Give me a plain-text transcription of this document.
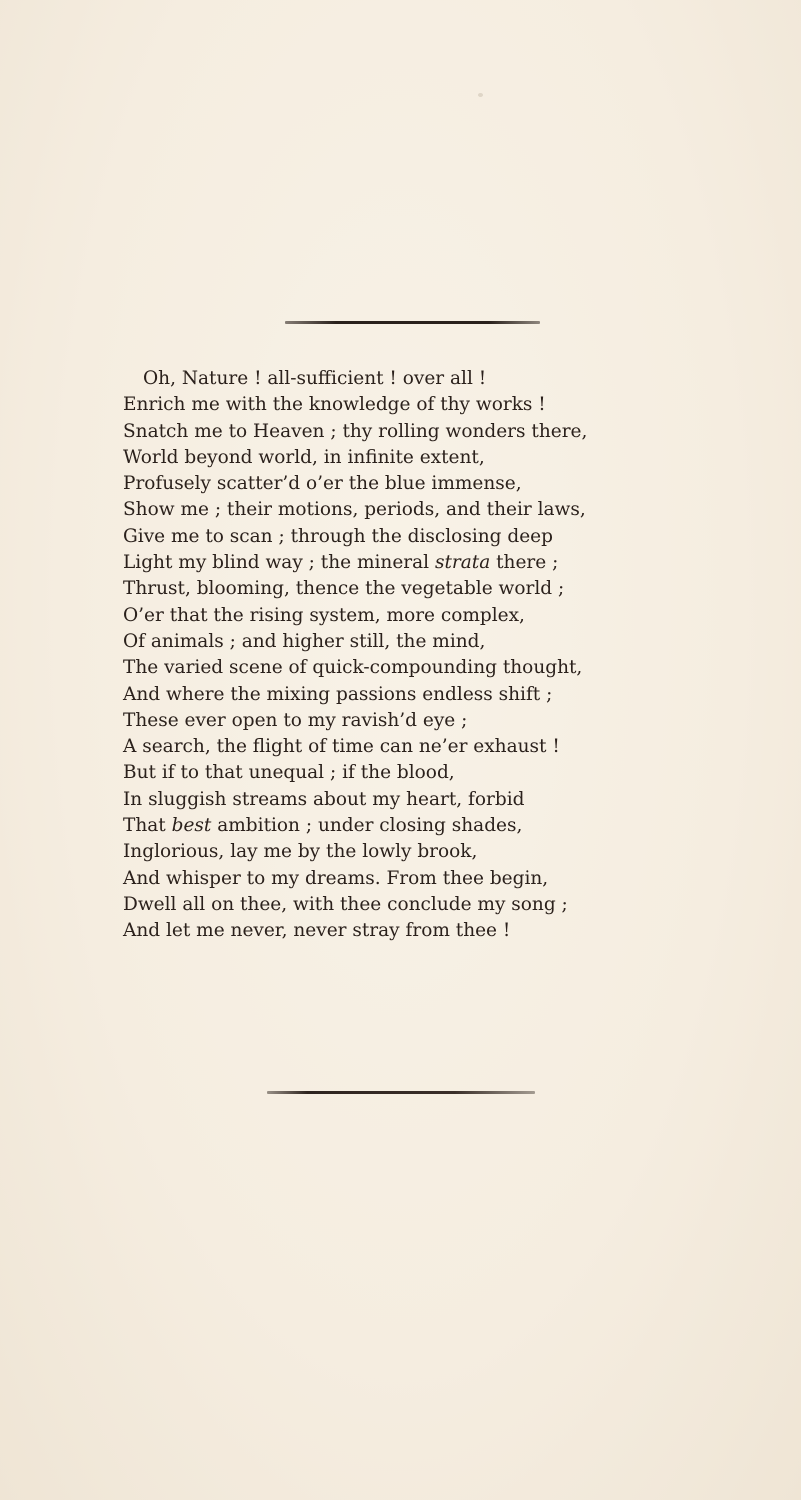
Oh, Nature ! all-sufficient ! over all !
Enrich me with the knowledge of thy works !
Snatch me to Heaven ; thy rolling wonders there,
World beyond world, in infinite extent,
Profusely scatter’d o’er the blue immense,
Show me ; their motions, periods, and their laws,
Give me to scan ; through the disclosing deep
Light my blind way ; the mineral strata there ;
Thrust, blooming, thence the vegetable world ;
O’er that the rising system, more complex,
Of animals ; and higher still, the mind,
The varied scene of quick-compounding thought,
And where the mixing passions endless shift ;
These ever open to my ravish’d eye ;
A search, the flight of time can ne’er exhaust !
But if to that unequal ; if the blood,
In sluggish streams about my heart, forbid
That best ambition ; under closing shades,
Inglorious, lay me by the lowly brook,
And whisper to my dreams. From thee begin,
Dwell all on thee, with thee conclude my song ;
And let me never, never stray from thee !
